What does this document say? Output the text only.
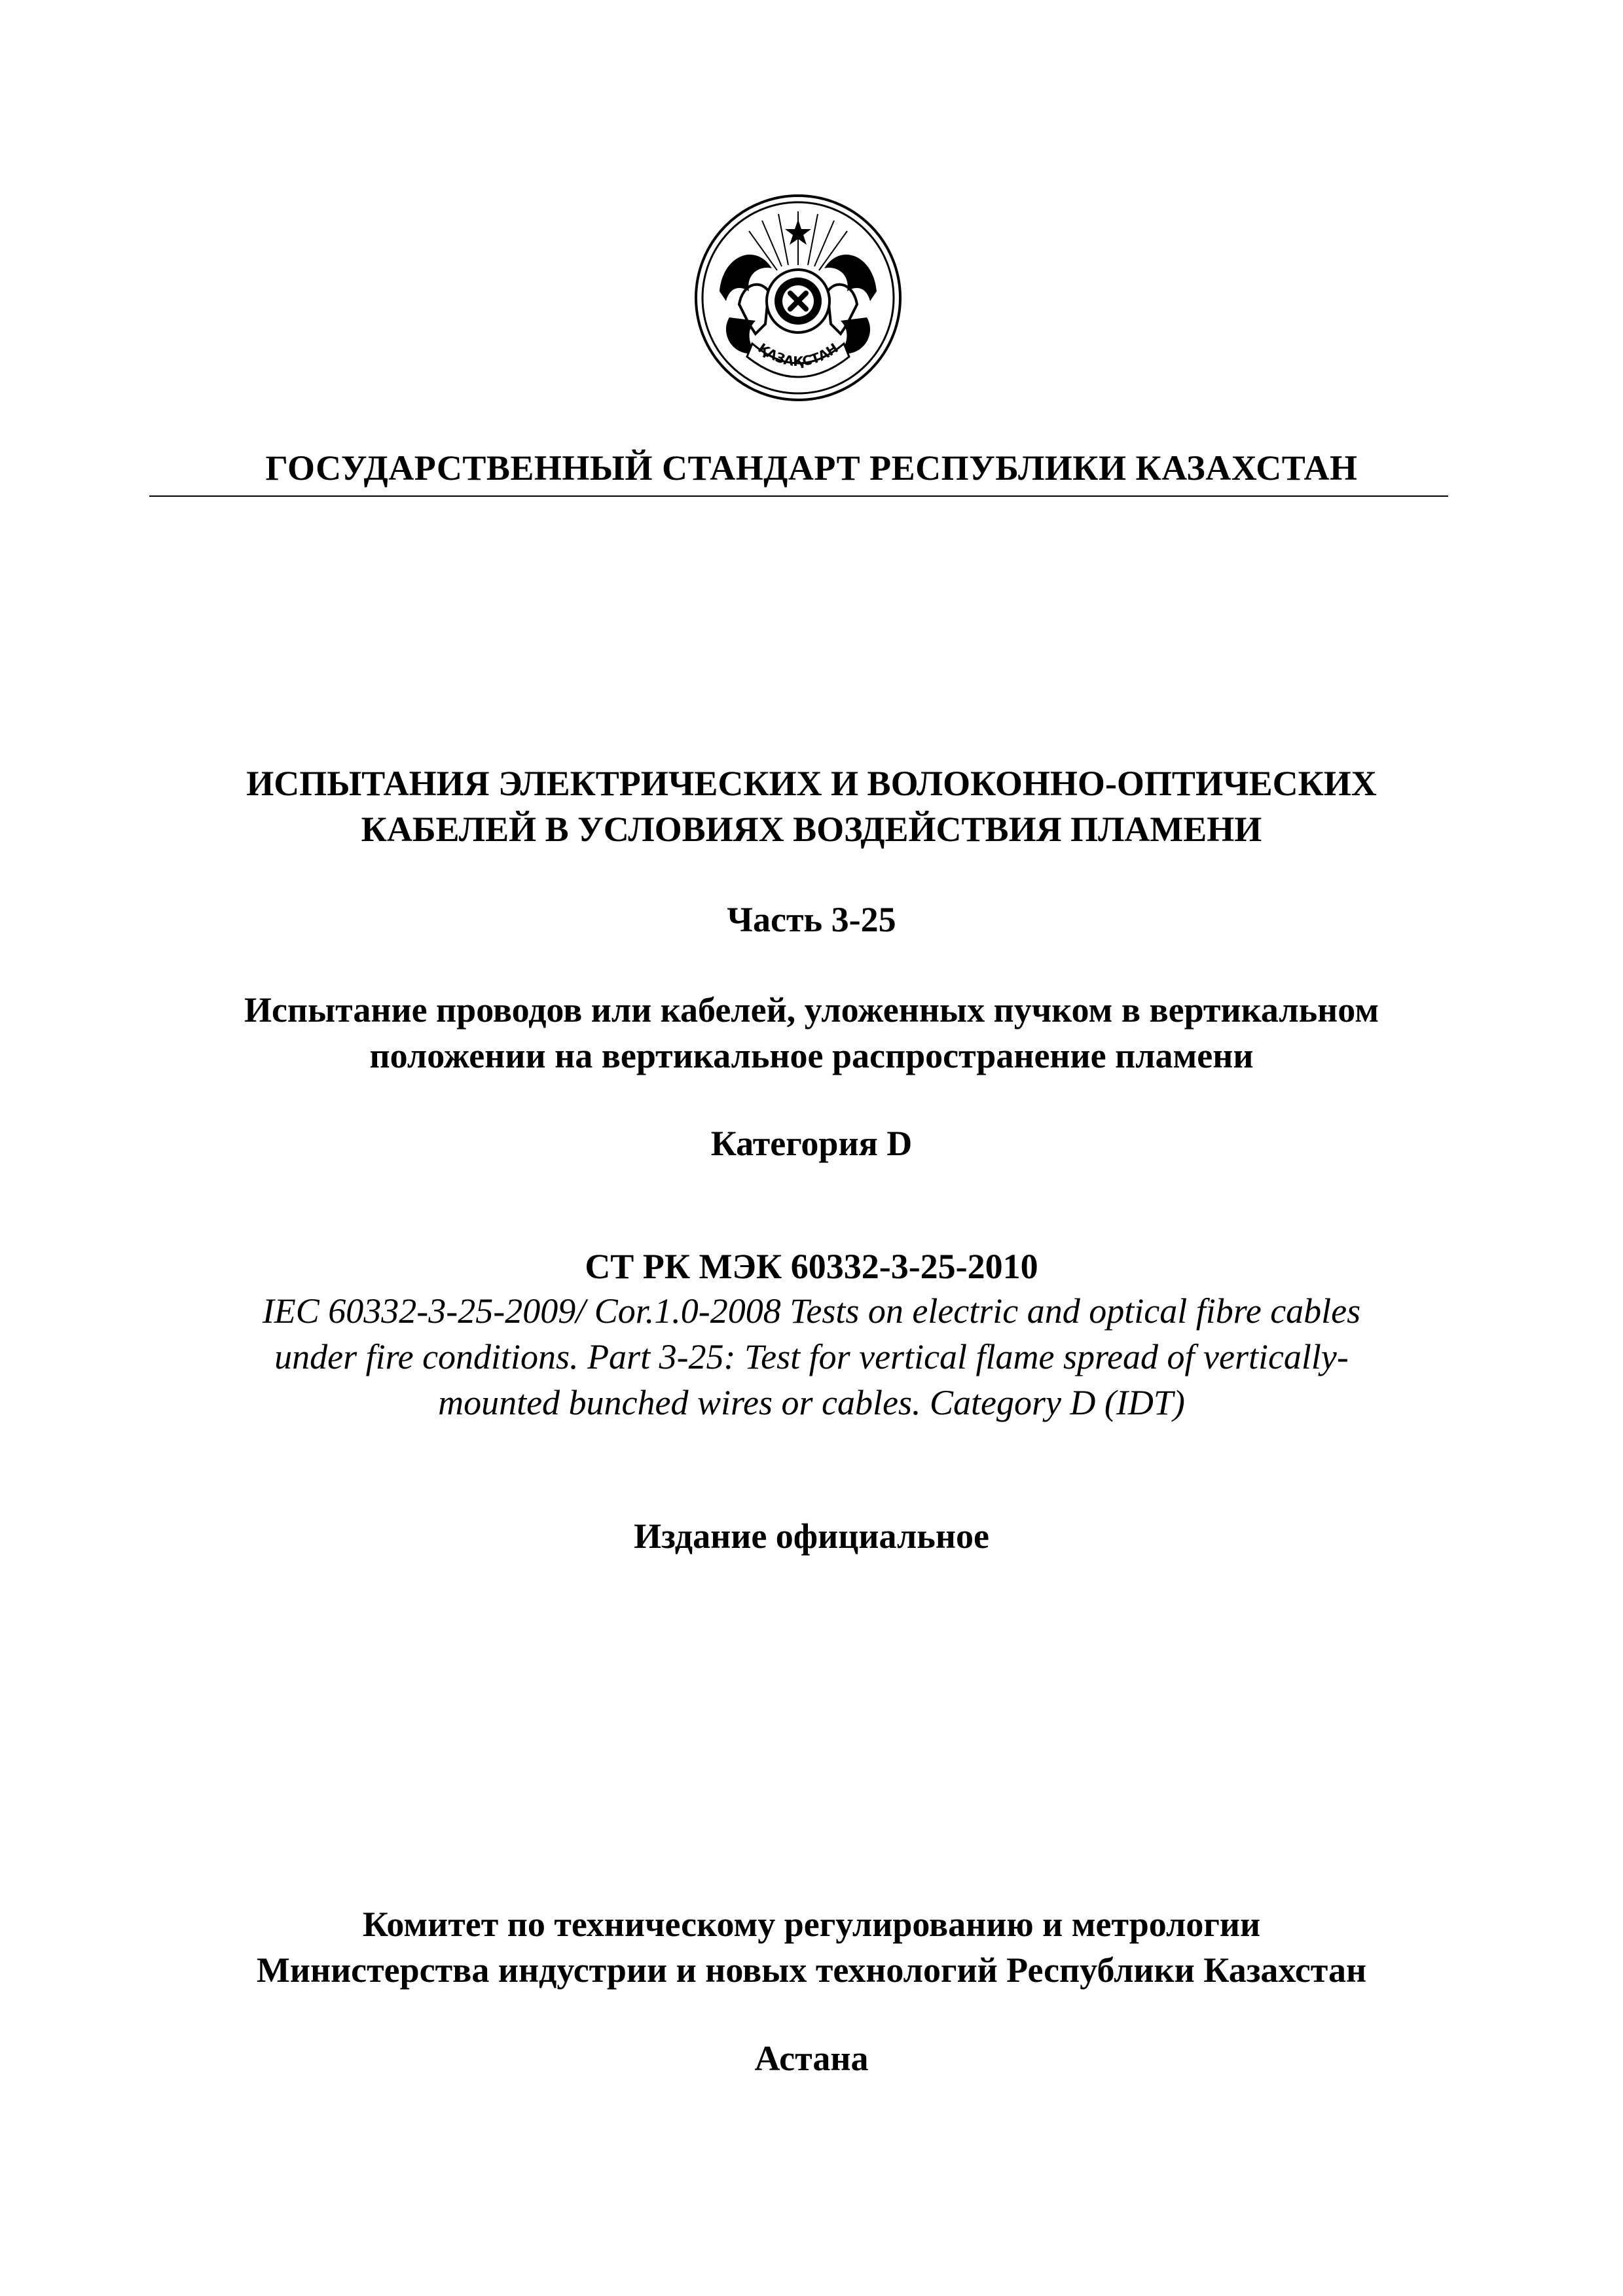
ҚАЗАҚСТАН
ГОСУДАРСТВЕННЫЙ СТАНДАРТ РЕСПУБЛИКИ КАЗАХСТАН
ИСПЫТАНИЯ ЭЛЕКТРИЧЕСКИХ И ВОЛОКОННО-ОПТИЧЕСКИХ
КАБЕЛЕЙ В УСЛОВИЯХ ВОЗДЕЙСТВИЯ ПЛАМЕНИ
Часть 3-25
Испытание проводов или кабелей, уложенных пучком в вертикальном
положении на вертикальное распространение пламени
Категория D
СТ РК МЭК 60332-3-25-2010
IEC 60332-3-25-2009/ Cor.1.0-2008 Tests on electric and optical fibre cables
under fire conditions. Part 3-25: Test for vertical flame spread of vertically-
mounted bunched wires or cables. Category D (IDT)
Издание официальное
Комитет по техническому регулированию и метрологии
Министерства индустрии и новых технологий Республики Казахстан
Астана
